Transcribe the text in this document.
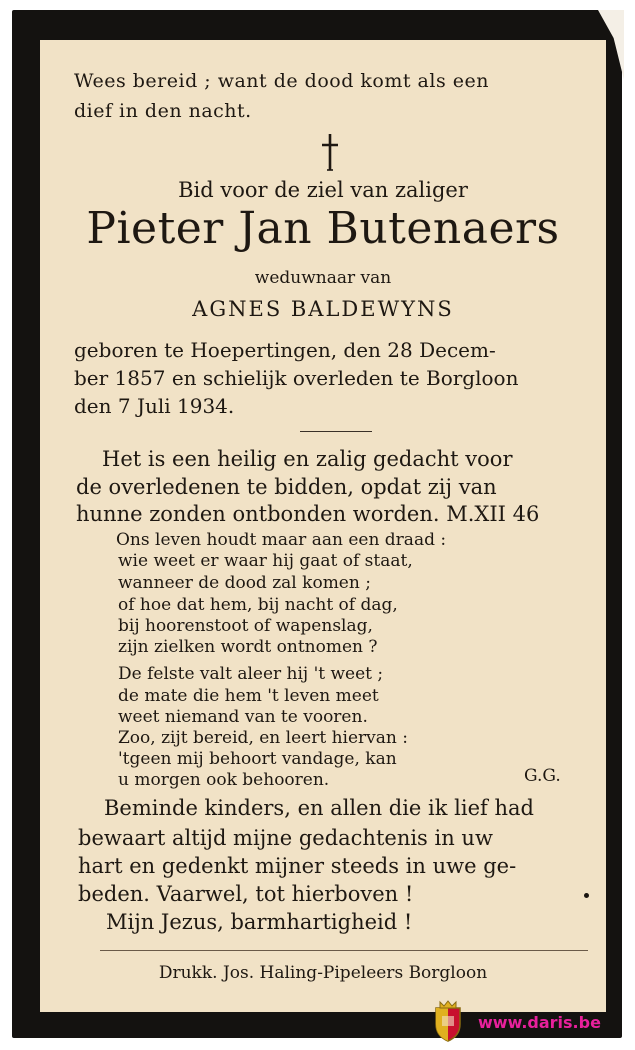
Wees bereid ; want de dood komt als een
dief in den nacht.
Bid voor de ziel van zaliger
Pieter Jan Butenaers
weduwnaar van
AGNES BALDEWYNS
geboren te Hoepertingen, den 28 Decem-
ber 1857 en schielijk overleden te Borgloon
den 7 Juli 1934.
Het is een heilig en zalig gedacht voor
de overledenen te bidden, opdat zij van
hunne zonden ontbonden worden. M.XII 46
Ons leven houdt maar aan een draad :
wie weet er waar hij gaat of staat,
wanneer de dood zal komen ;
of hoe dat hem, bij nacht of dag,
bij hoorenstoot of wapenslag,
zijn zielken wordt ontnomen ?
De felste valt aleer hij 't weet ;
de mate die hem 't leven meet
weet niemand van te vooren.
Zoo, zijt bereid, en leert hiervan :
'tgeen mij behoort vandage, kan
u morgen ook behooren.	G.G.
Beminde kinders, en allen die ik lief had
bewaart altijd mijne gedachtenis in uw
hart en gedenkt mijner steeds in uwe ge-
beden. Vaarwel, tot hierboven !
Mijn Jezus, barmhartigheid !
Drukk. Jos. Haling-Pipeleers Borgloon
www.daris.be
